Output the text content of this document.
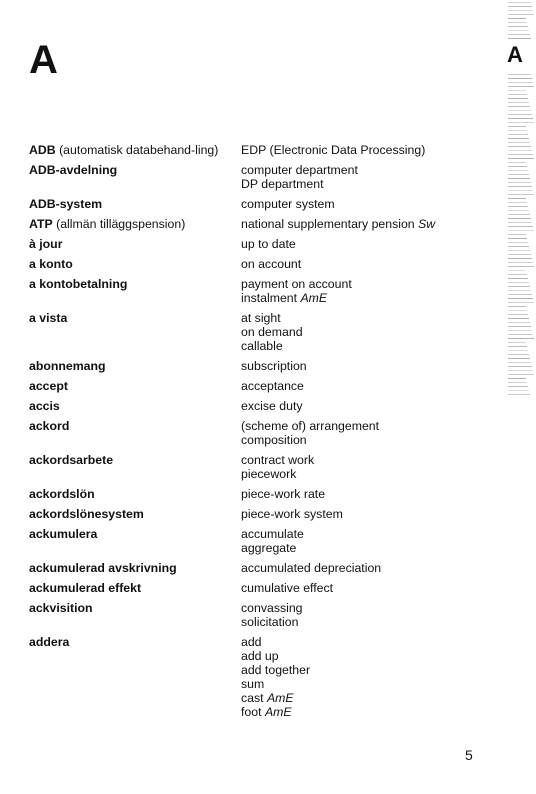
A	A
ADB (automatisk databehand-ling)	EDP (Electronic Data Processing)
ADB-avdelning	computer department
DP department
ADB-system	computer system
ATP (allmän tilläggspension)	national supplementary pension Sw
à jour	up to date
a konto	on account
a kontobetalning	payment on account
instalment AmE
a vista	at sight
on demand
callable
abonnemang	subscription
accept	acceptance
accis	excise duty
ackord	(scheme of) arrangement
composition
ackordsarbete	contract work
piecework
ackordslön	piece-work rate
ackordslönesystem	piece-work system
ackumulera	accumulate
aggregate
ackumulerad avskrivning	accumulated depreciation
ackumulerad effekt	cumulative effect
ackvisition	convassing
solicitation
addera	add
add up
add together
sum
cast AmE
foot AmE
5
